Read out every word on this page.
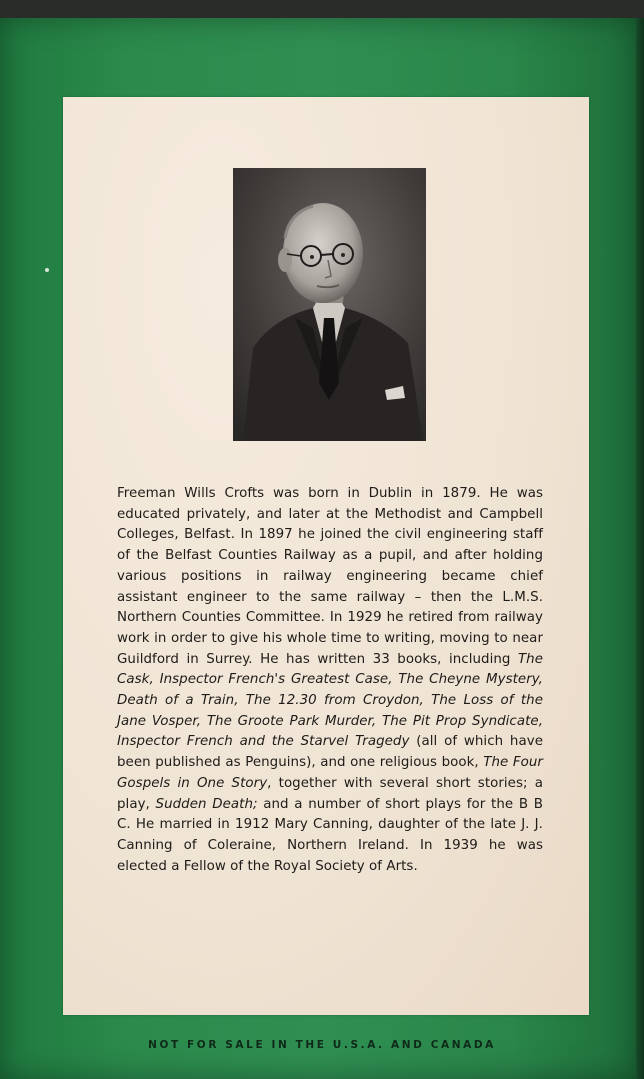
Freeman Wills Crofts was born in Dublin in 1879. He was educated privately, and later at the Methodist and Campbell Colleges, Belfast. In 1897 he joined the civil engineering staff of the Belfast Counties Railway as a pupil, and after holding various positions in railway engineering became chief assistant engineer to the same railway – then the L.M.S. Northern Counties Committee. In 1929 he retired from railway work in order to give his whole time to writing, moving to near Guildford in Surrey. He has written 33 books, including The Cask, Inspector French's Greatest Case, The Cheyne Mystery, Death of a Train, The 12.30 from Croydon, The Loss of the Jane Vosper, The Groote Park Murder, The Pit Prop Syndicate, Inspector French and the Starvel Tragedy (all of which have been published as Penguins), and one religious book, The Four Gospels in One Story, together with several short stories; a play, Sudden Death; and a number of short plays for the B B C. He married in 1912 Mary Canning, daughter of the late J. J. Canning of Coleraine, Northern Ireland. In 1939 he was elected a Fellow of the Royal Society of Arts.

NOT FOR SALE IN THE U.S.A. AND CANADA
